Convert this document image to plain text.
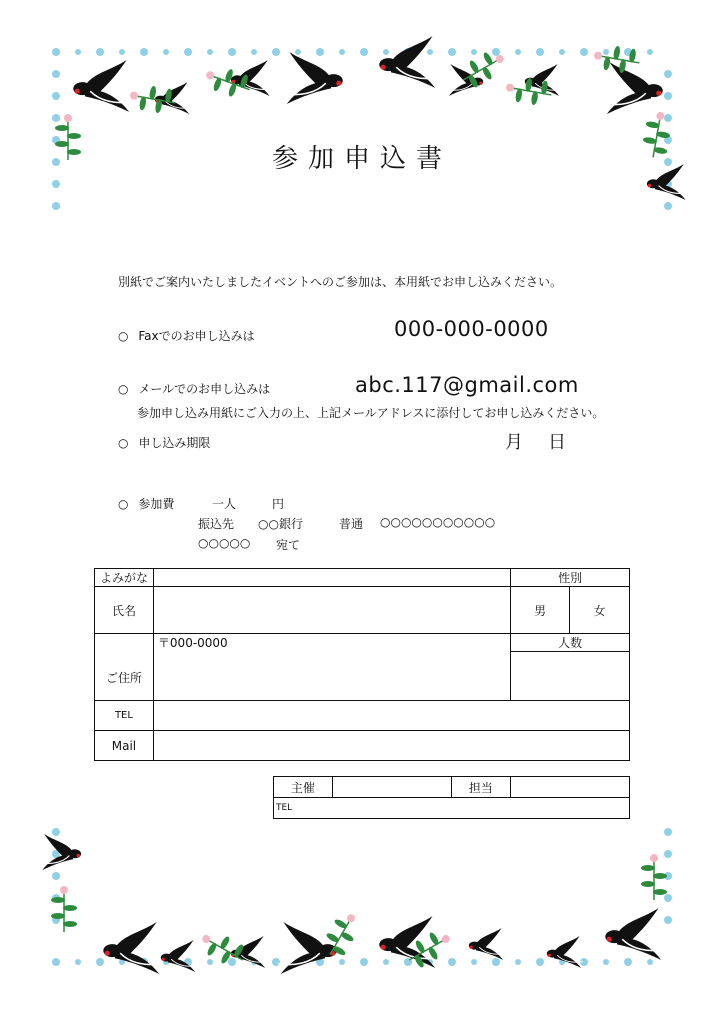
参加申込書
別紙でご案内いたしましたイベントへのご参加は、本用紙でお申し込みください。
○ Faxでのお申し込みは	000-000-0000
○ メールでのお申し込みは	abc.117@gmail.com
参加申し込み用紙にご入力の上、上記メールアドレスに添付してお申し込みください。
○ 申し込み期限	月 日
○ 参加費	一人	円
振込先 ○○銀行	普通 ○○○○○○○○○○○
○○○○○ 宛て
よみがな		性別	
氏名		男	女
ご住所	〒000-0000	人数	

TEL			
Mail			
主催		担当	
TEL
